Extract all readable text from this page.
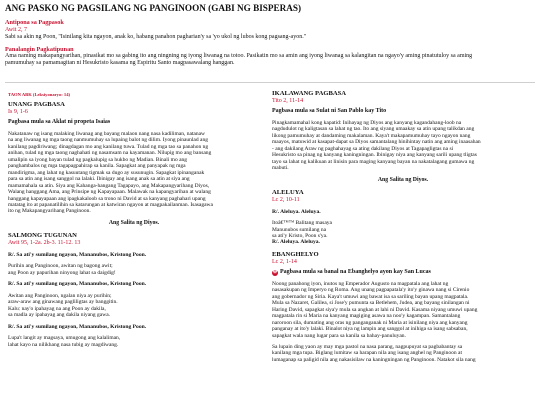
ANG PASKO NG PAGSILANG NG PANGINOON (GABI NG BISPERAS)

Antipona sa Pagpasok

Awit 2, 7

Sabi sa akin ng Poon, "Isinilang kita ngayon, anak ko, habang panahon pagharian'y sa 'yo ukol ng lubos kong pagsang-ayon."

Panalangin Pagkatipunan

Ama naming makapangyarihan, pinasikat mo sa gabing ito ang ningning ng iyong liwanag na totoo. Pasikatin mo sa amin ang iyong liwanag sa kalangitan na ngayo'y aming pinatutuloy sa aming

pamumuhay sa pamamagitan ni Hesukristo kasama ng Espiritu Santo magpasawalang hanggan.

TAON ABK (Leksiyonaryo: 14)

UNANG PAGBASA

Is 9, 1-6

Pagbasa mula sa Aklat ni propeta Isaias

Nakatanaw ng isang malaking liwanag ang bayang malaon nang nasa kadiliman, natanaw
na ang liwanag ng mga taong nanmumuhay sa lupaing balot ng dilim. Iyong pinaunlad ang
kanilang pagdiriwang; dinagdagan mo ang kanilang tuwa. Tulad ng mga tao sa panahon ng
anihan, tulad ng mga taong naghahati ng nasamsam na kayamanan. Nilupig mo ang bansang
umalipin sa iyong bayan tulad ng pagkalupig sa hukbo ng Madian. Binali mo ang
panghambalos ng mga tagapagpahirap sa kanila. Sapagkat ang panyapak ng mga
mandirigma, ang lahat ng kasuutang tigmak sa dugo ay susunugin. Sapagkat ipinanganak
para sa atin ang isang sanggol na lalaki. Ibinigay ang isang anak sa atin at siya ang
mamamahala sa atin. Siya ang Kahanga-hangang Tagapayo, ang Makapangyarihang Diyos,
Walang hanggang Ama, ang Prinsipe ng Kapayapaan. Malawak na kapangyarihan at walang
hanggang kapayapaan ang ipagkakaloob sa trono ni David at sa kanyang paghahari upang
matatag ito at papanatilihin sa katarungan at katwiran ngayon at magpakailanman. Isasagawa
ito ng Makapangyarihang Panginoon.

Ang Salita ng Diyos.

SALMONG TUGUNAN

Awit 95, 1-2a. 2b-3. 11-12. 13

R/. Sa ati'y sumilang ngayon, Mananubos, Kristong Poon.

Purihin ang Panginoon, awitan ng bagong awit;
ang Poon ay papurihan ninyong lahat sa daigdig!

R/. Sa ati'y sumilang ngayon, Mananubos, Kristong Poon.

Awitan ang Panginoon, ngalan niya ay purihin;
araw-araw ang ginawang pagliligtas ay banggitin.
Kaluː nay'o ipahayag na ang Poon ay dakila,
sa madla ay ipahayag ang dakila niyang gawa.

R/. Sa ati'y sumilang ngayon, Mananubos, Kristong Poon.

Lupa't langit ay magsaya, umugong ang kalaliman,
lahat kayo na nilikhang nasa tubig ay magdiwang.

IKALAWANG PAGBASA

Tito 2, 11-14

Pagbasa mula sa Sulat ni San Pablo kay Tito

Pinagkamamahal kong kapatid: Inihayag ng Diyos ang kanyang kagandahang-loob na
nagdudulot ng kaligtasan sa lahat ng tao. Ito ang siyang umaakay sa atin upang talikdan ang
likong pamumuhay at dandaming makalaman. Kaya't makapamumuhay tayo ngayon nang
maayos, matuwid at kasapat-dapat sa Diyos samantalang hinihintay natin ang aming inaasahan
- ang dakilang Araw ng paghahayag sa ating dakilang Diyos at Tagapagligtas na si
Hesukristo sa pinag ng kanyang kaningningan. Ibinigay niya ang kanyang sarili upang tligtas
tayo sa lahat ng kalikuan at linisin para maging kanyang bayan na nakatalagang gumawa ng
mabuti.

Ang Salita ng Diyos.

ALELUYA

Lc 2, 10-11

R/. Aleluya. Aleluya.

Itoâ€™™ Balitang masaya
Manunubos sumilang na
sa ati'y Kristo, Poon s'ya.
R/. Aleluya. Aleluya.

EBANGHELYO

Lc 2, 1-14

✠ Pagbasa mula sa banal na Ebanghelyo ayon kay San Lucas

Noong panahong iyon, inutos ng Emperador Augusto na magpatala ang lahat ng
nasasakupan ng Imperyo ng Roma. Ang unang pagpapatala'y ito'y ginawa nang si Cirenio
ang gobernador ng Siria. Kaya't umuwi ang bawat isa sa sariling bayan upang magpatala.
Mula sa Nazaret, Galilea, si Jose'y pumunta sa Betlehem, Judea, ang bayang sinilangan ni
Haring David, sapagkat siya'y mula sa angkan at lahi ni David. Kasama niyang umuwi upang
magpatala rin si Maria na kanyang magiging asawa na noo'y kagampan. Samantalang
naroroon sila, dumating ang oras ng panganganak ni Maria at isinilang niya ang kanyang
panganay at ito'y lalaki. Binalot niya ng lampin ang sanggol at inihiga sa isang sabsaban,
sapagkat wala nang lugar para sa kanila sa bahay-panuluyan.

Sa lupain ding yaon ay may mga pastol na nasa parang, nagpupuyat sa pagbabantay sa
kanilang mga tupa. Biglang lumitaw sa harapan nila ang isang anghel ng Panginoon at
lumaganap sa paligid nila ang nakasisilaw na kaningningan ng Panginoon. Natakot sila nang
